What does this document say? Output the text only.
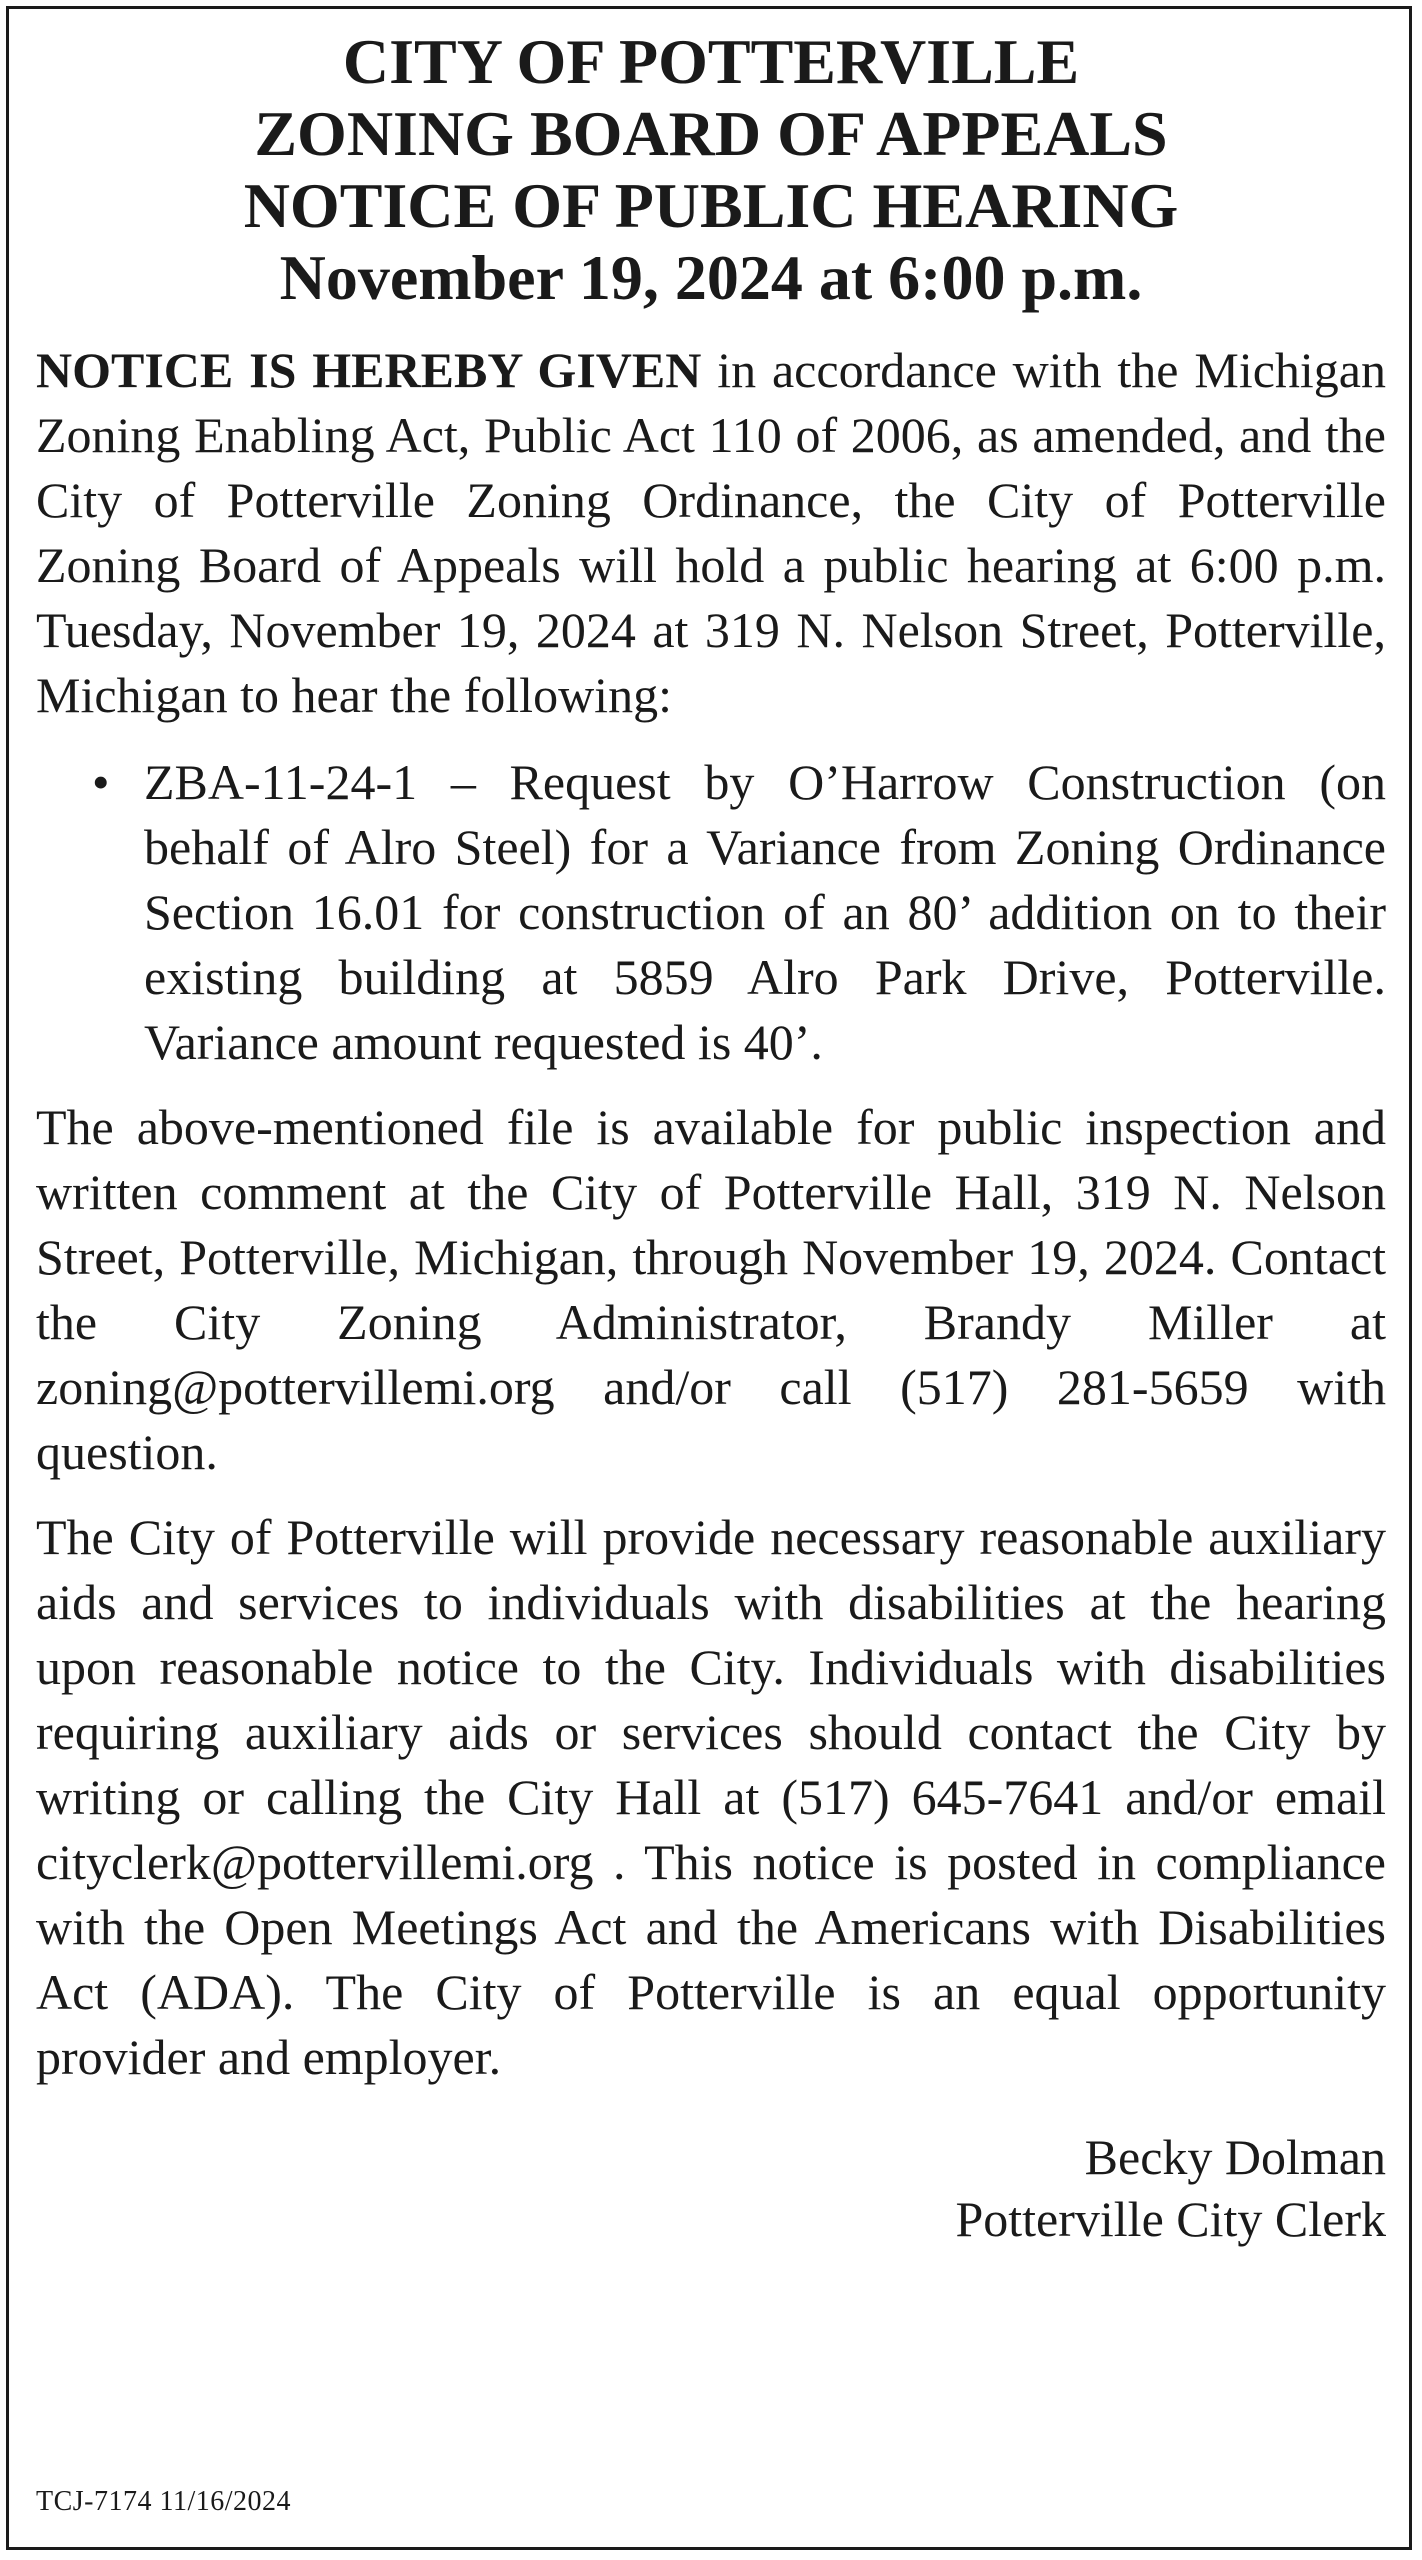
CITY OF POTTERVILLE
ZONING BOARD OF APPEALS
NOTICE OF PUBLIC HEARING
November 19, 2024 at 6:00 p.m.

NOTICE IS HEREBY GIVEN in accordance with the Michigan Zoning Enabling Act, Public Act 110 of 2006, as amended, and the City of Potterville Zoning Ordinance, the City of Potterville Zoning Board of Appeals will hold a public hearing at 6:00 p.m. Tuesday, November 19, 2024 at 319 N. Nelson Street, Potterville, Michigan to hear the following:

• ZBA-11-24-1 – Request by O’Harrow Construction (on behalf of Alro Steel) for a Variance from Zoning Ordinance Section 16.01 for construction of an 80’ addition on to their existing building at 5859 Alro Park Drive, Potterville. Variance amount requested is 40’.

The above-mentioned file is available for public inspection and written comment at the City of Potterville Hall, 319 N. Nelson Street, Potterville, Michigan, through November 19, 2024. Contact the City Zoning Administrator, Brandy Miller at zoning@pottervillemi.org and/or call (517) 281-5659 with question.

The City of Potterville will provide necessary reasonable auxiliary aids and services to individuals with disabilities at the hearing upon reasonable notice to the City. Individuals with disabilities requiring auxiliary aids or services should contact the City by writing or calling the City Hall at (517) 645-7641 and/or email cityclerk@pottervillemi.​org . This notice is posted in compliance with the Open Meetings Act and the Americans with Disabilities Act (ADA). The City of Potterville is an equal opportunity provider and employer.

Becky Dolman
Potterville City Clerk
TCJ-7174 11/16/2024
